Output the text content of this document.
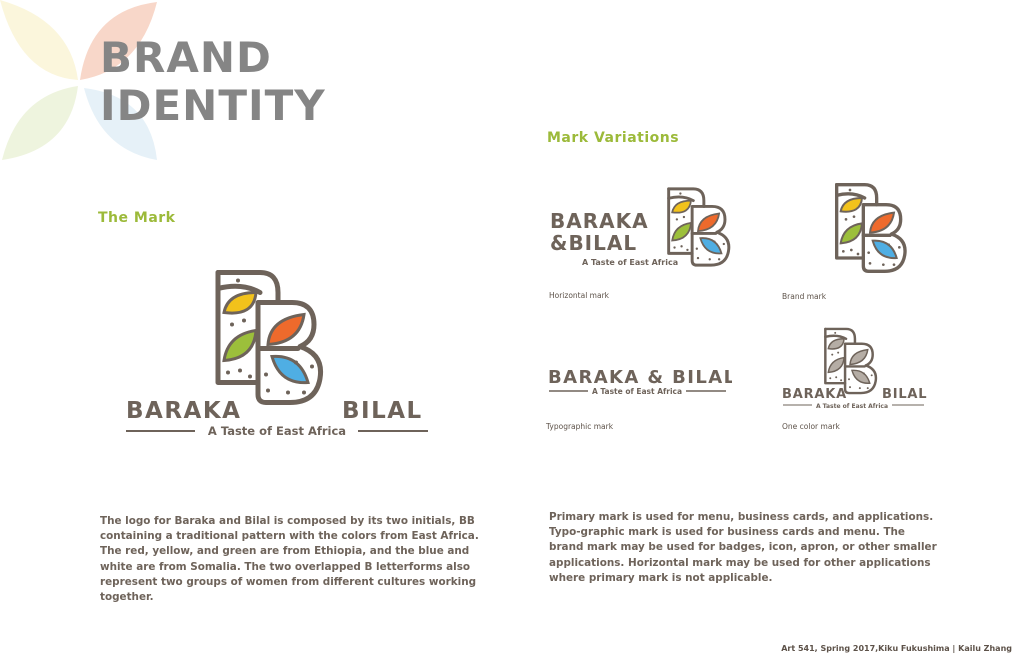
BRAND
IDENTITY
The Mark
BARAKA	BILAL
A Taste of East Africa
Mark Variations
BARAKA
&BILAL
A Taste of East Africa
Horizontal mark	Brand mark
BARAKA & BILAL
A Taste of East Africa
Typographic mark
BARAKA	BILAL
A Taste of East Africa
One color mark

The logo for Baraka and Bilal is composed by its two initials, BB containing a traditional pattern with the colors from East Africa. The red, yellow, and green are from Ethiopia, and the blue and white are from Somalia. The two overlapped B letterforms also represent two groups of women from different cultures working together.

Primary mark is used for menu, business cards, and applications. Typo-graphic mark is used for business cards and menu. The brand mark may be used for badges, icon, apron, or other smaller applications. Horizontal mark may be used for other applications where primary mark is not applicable.

Art 541, Spring 2017,Kiku Fukushima | Kailu Zhang
